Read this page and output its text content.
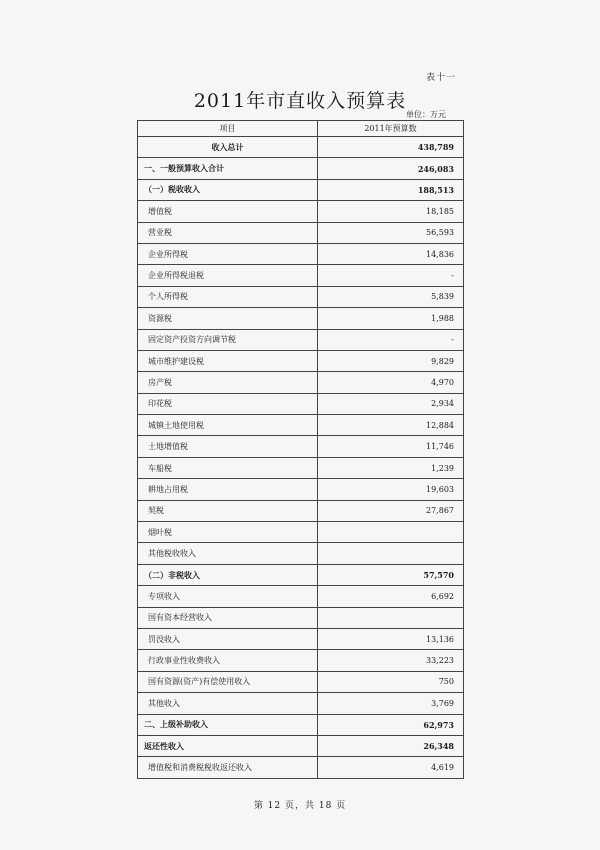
表十一
2011年市直收入预算表
单位：万元
项目	2011年预算数
收入总计	438,789
一、一般预算收入合计	246,083
（一）税收收入	188,513
增值税	18,185
营业税	56,593
企业所得税	14,836
企业所得税退税	-
个人所得税	5,839
资源税	1,988
固定资产投资方向调节税	-
城市维护建设税	9,829
房产税	4,970
印花税	2,934
城镇土地使用税	12,884
土地增值税	11,746
车船税	1,239
耕地占用税	19,603
契税	27,867
烟叶税	
其他税收收入	
（二）非税收入	57,570
专项收入	6,692
国有资本经营收入	
罚没收入	13,136
行政事业性收费收入	33,223
国有资源(资产)有偿使用收入	750
其他收入	3,769
二、上级补助收入	62,973
返还性收入	26,348
增值税和消费税税收返还收入	4,619
第 12 页，共 18 页
